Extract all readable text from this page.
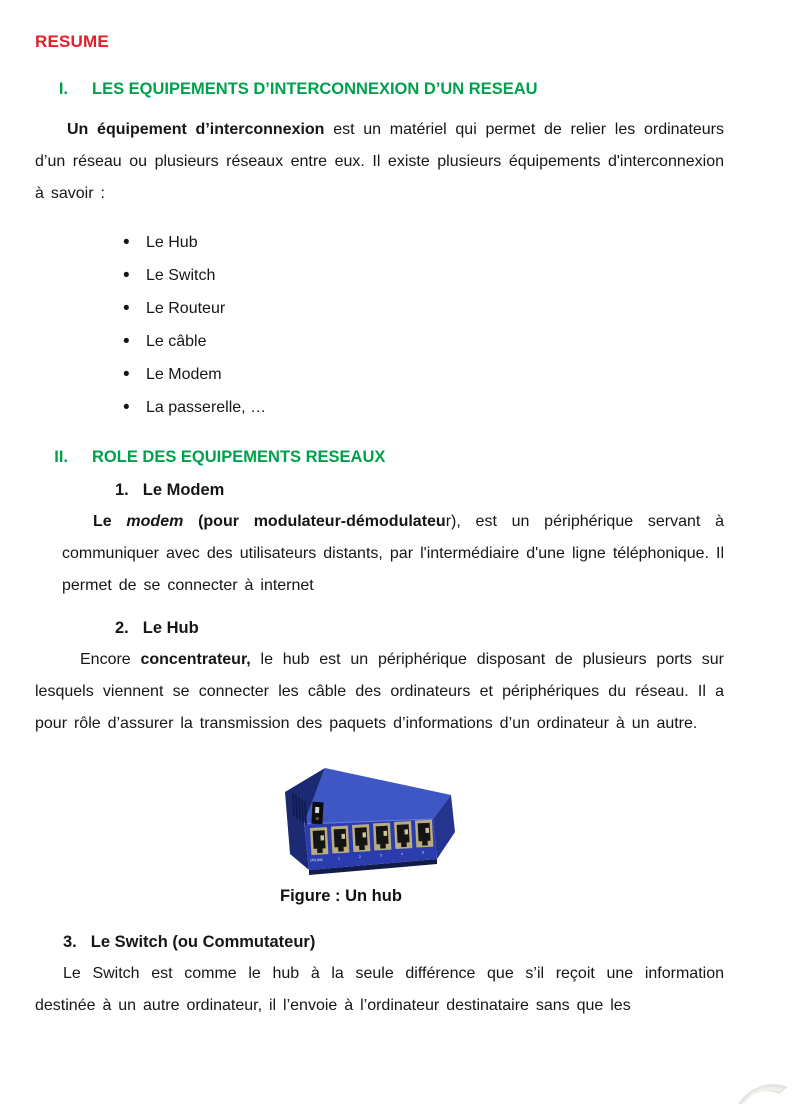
RESUME
I.	LES EQUIPEMENTS D’INTERCONNEXION D’UN RESEAU

Un équipement d’interconnexion est un matériel qui permet de relier les ordinateurs d’un réseau ou plusieurs réseaux entre eux. Il existe plusieurs équipements d'interconnexion à savoir :

• Le Hub
• Le Switch
• Le Routeur
• Le câble
• Le Modem
• La passerelle, …
II.	ROLE DES EQUIPEMENTS RESEAUX
1. Le Modem

Le modem (pour modulateur-démodulateur), est un périphérique servant à communiquer avec des utilisateurs distants, par l'intermédiaire d'une ligne téléphonique. Il permet de se connecter à internet

2. Le Hub

Encore concentrateur, le hub est un périphérique disposant de plusieurs ports sur lesquels viennent se connecter les câble des ordinateurs et périphériques du réseau. Il a pour rôle d’assurer la transmission des paquets d’informations d’un ordinateur à un autre.

UPLINK	1	2	3	4	5
Figure : Un hub
3. Le Switch (ou Commutateur)

Le Switch est comme le hub à la seule différence que s’il reçoit une information destinée à un autre ordinateur, il l’envoie à l’ordinateur destinataire sans que les
